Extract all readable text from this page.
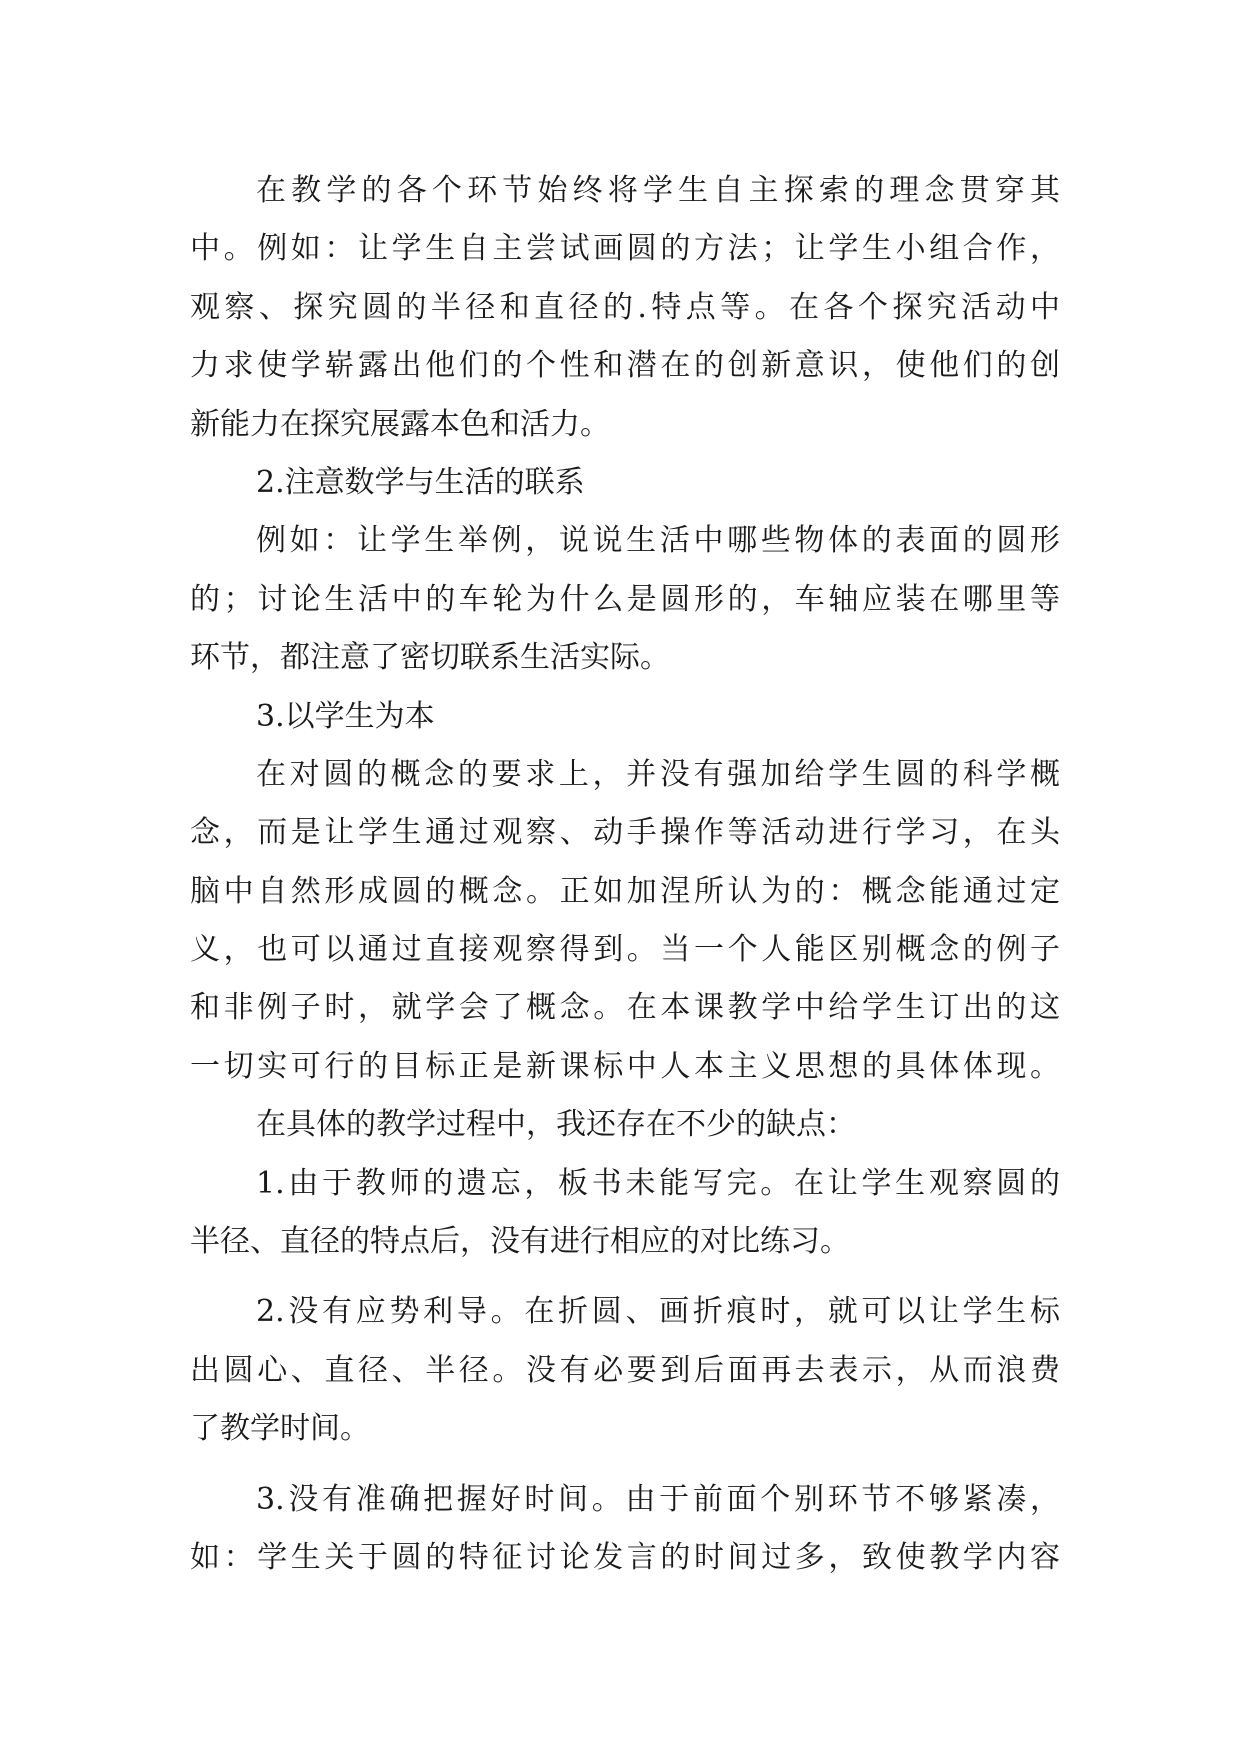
在教学的各个环节始终将学生自主探索的理念贯穿其
中。例如：让学生自主尝试画圆的方法；让学生小组合作，
观察、探究圆的半径和直径的.特点等。在各个探究活动中
力求使学崭露出他们的个性和潜在的创新意识，使他们的创
新能力在探究展露本色和活力。
2.注意数学与生活的联系
例如：让学生举例，说说生活中哪些物体的表面的圆形
的；讨论生活中的车轮为什么是圆形的，车轴应装在哪里等
环节，都注意了密切联系生活实际。
3.以学生为本
在对圆的概念的要求上，并没有强加给学生圆的科学概
念，而是让学生通过观察、动手操作等活动进行学习，在头
脑中自然形成圆的概念。正如加涅所认为的：概念能通过定
义，也可以通过直接观察得到。当一个人能区别概念的例子
和非例子时，就学会了概念。在本课教学中给学生订出的这
一切实可行的目标正是新课标中人本主义思想的具体体现。
在具体的教学过程中，我还存在不少的缺点：
1.由于教师的遗忘，板书未能写完。在让学生观察圆的
半径、直径的特点后，没有进行相应的对比练习。
2.没有应势利导。在折圆、画折痕时，就可以让学生标
出圆心、直径、半径。没有必要到后面再去表示，从而浪费
了教学时间。
3.没有准确把握好时间。由于前面个别环节不够紧凑，
如：学生关于圆的特征讨论发言的时间过多，致使教学内容
